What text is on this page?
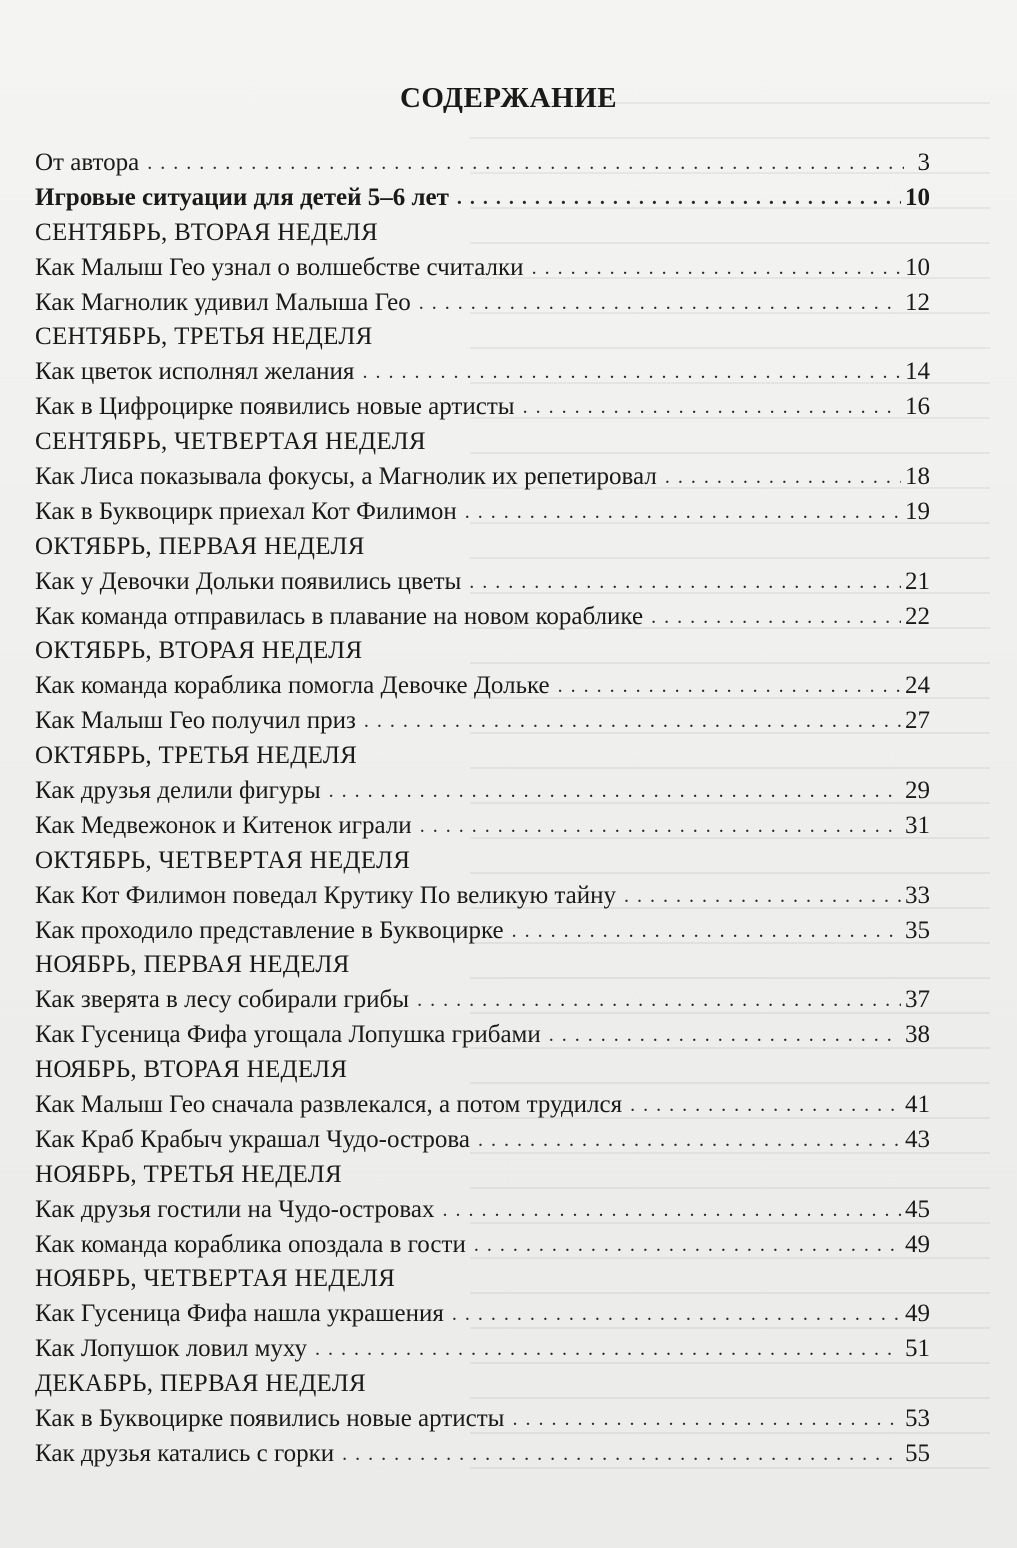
СОДЕРЖАНИЕ
От автора . . .	3
Игровые ситуации для детей 5–6 лет . . .	10
СЕНТЯБРЬ, ВТОРАЯ НЕДЕЛЯ
Как Малыш Гео узнал о волшебстве считалки . . .	10
Как Магнолик удивил Малыша Гео . . .	12
СЕНТЯБРЬ, ТРЕТЬЯ НЕДЕЛЯ
Как цветок исполнял желания . . .	14
Как в Цифроцирке появились новые артисты . . .	16
СЕНТЯБРЬ, ЧЕТВЕРТАЯ НЕДЕЛЯ
Как Лиса показывала фокусы, а Магнолик их репетировал . . .	18
Как в Буквоцирк приехал Кот Филимон . . .	19
ОКТЯБРЬ, ПЕРВАЯ НЕДЕЛЯ
Как у Девочки Дольки появились цветы . . .	21
Как команда отправилась в плавание на новом кораблике . . .	22
ОКТЯБРЬ, ВТОРАЯ НЕДЕЛЯ
Как команда кораблика помогла Девочке Дольке . . .	24
Как Малыш Гео получил приз . . .	27
ОКТЯБРЬ, ТРЕТЬЯ НЕДЕЛЯ
Как друзья делили фигуры . . .	29
Как Медвежонок и Китенок играли . . .	31
ОКТЯБРЬ, ЧЕТВЕРТАЯ НЕДЕЛЯ
Как Кот Филимон поведал Крутику По великую тайну . . .	33
Как проходило представление в Буквоцирке . . .	35
НОЯБРЬ, ПЕРВАЯ НЕДЕЛЯ
Как зверята в лесу собирали грибы . . .	37
Как Гусеница Фифа угощала Лопушка грибами . . .	38
НОЯБРЬ, ВТОРАЯ НЕДЕЛЯ
Как Малыш Гео сначала развлекался, а потом трудился . . .	41
Как Краб Крабыч украшал Чудо-острова . . .	43
НОЯБРЬ, ТРЕТЬЯ НЕДЕЛЯ
Как друзья гостили на Чудо-островах . . .	45
Как команда кораблика опоздала в гости . . .	49
НОЯБРЬ, ЧЕТВЕРТАЯ НЕДЕЛЯ
Как Гусеница Фифа нашла украшения . . .	49
Как Лопушок ловил муху . . .	51
ДЕКАБРЬ, ПЕРВАЯ НЕДЕЛЯ
Как в Буквоцирке появились новые артисты . . .	53
Как друзья катались с горки . . .	55
